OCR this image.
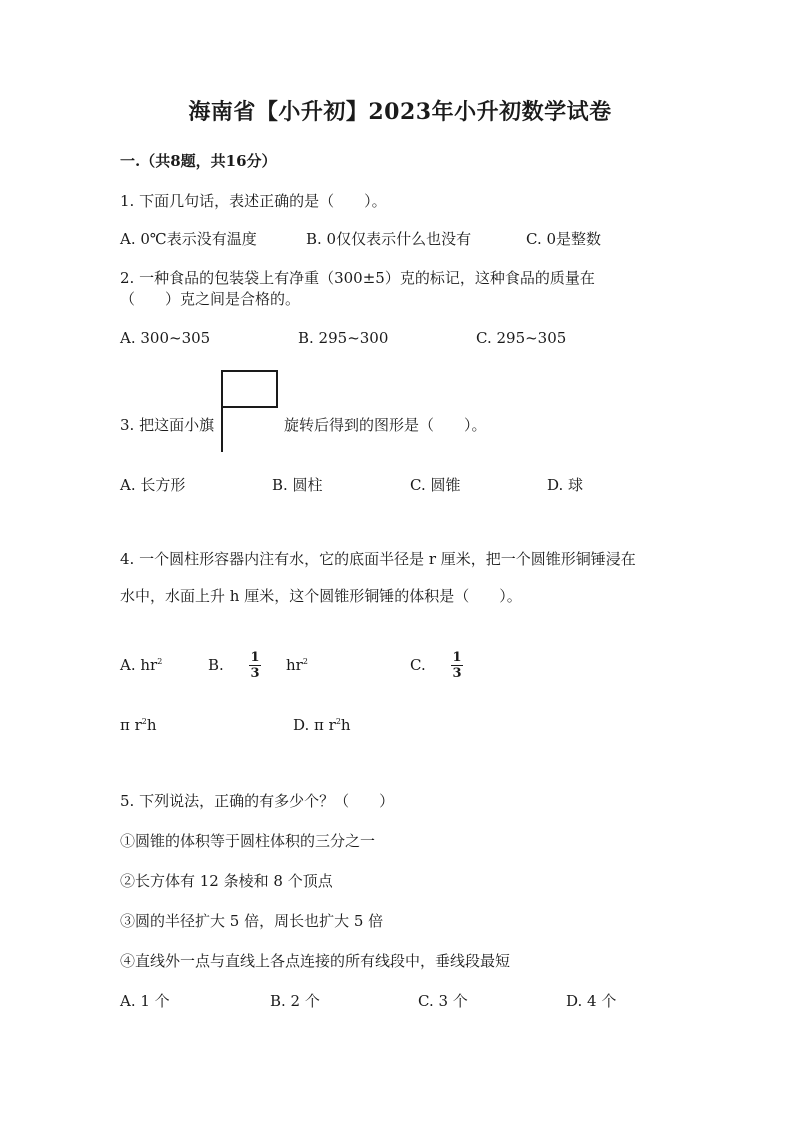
海南省【小升初】2023年小升初数学试卷
一.（共8题，共16分）
1. 下面几句话，表述正确的是（　　）。
A. 0℃表示没有温度	B. 0仅仅表示什么也没有	C. 0是整数
2. 一种食品的包装袋上有净重（300±5）克的标记，这种食品的质量在
（　　）克之间是合格的。
A. 300~305	B. 295~300	C. 295~305
3. 把这面小旗	旋转后得到的图形是（　　）。
A. 长方形	B. 圆柱	C. 圆锥	D. 球
4. 一个圆柱形容器内注有水，它的底面半径是 r 厘米，把一个圆锥形铜锤浸在
水中，水面上升 h 厘米，这个圆锥形铜锤的体积是（　　）。
A. $hr^2$	B. 1
3 $hr^2$	C. 1
3
π $r^2h$	D. π $r^2h$
5. 下列说法，正确的有多少个？（　　）
①圆锥的体积等于圆柱体积的三分之一
②长方体有 12 条棱和 8 个顶点
③圆的半径扩大 5 倍，周长也扩大 5 倍
④直线外一点与直线上各点连接的所有线段中，垂线段最短
A. 1 个	B. 2 个	C. 3 个	D. 4 个
